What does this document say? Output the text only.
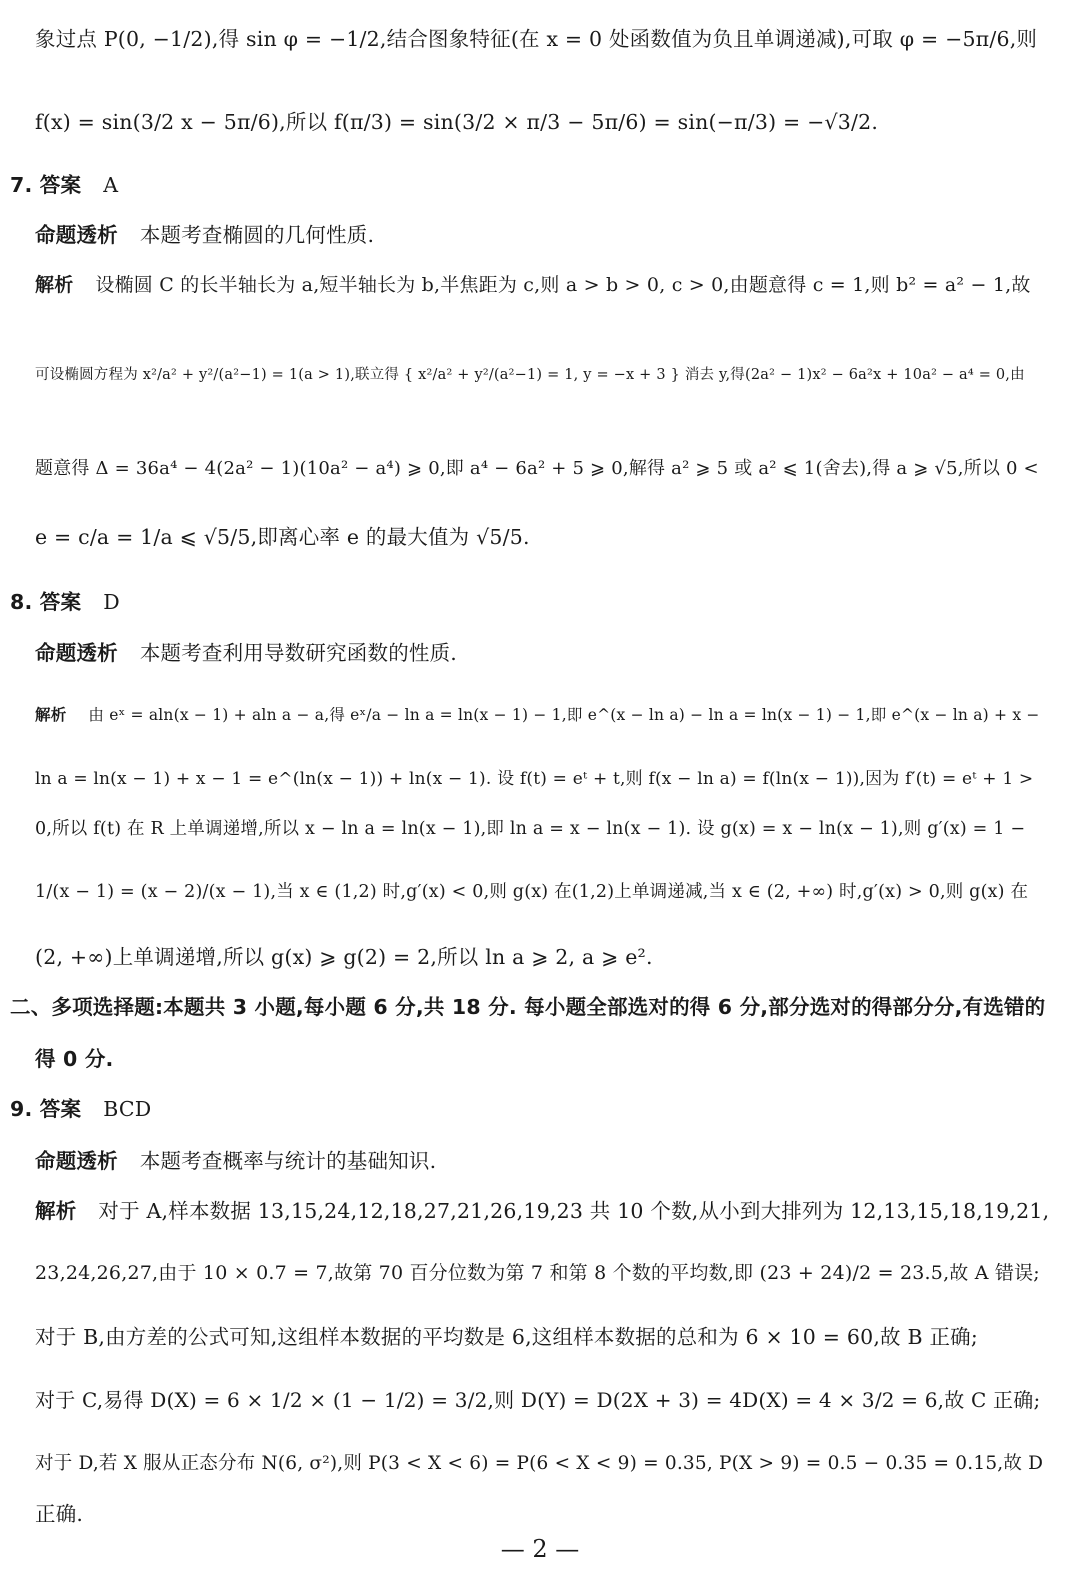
象过点 P(0, −1/2),得 sin φ = −1/2,结合图象特征(在 x = 0 处函数值为负且单调递减),可取 φ = −5π/6,则
f(x) = sin(3/2 x − 5π/6),所以 f(π/3) = sin(3/2 × π/3 − 5π/6) = sin(−π/3) = −√3/2.
7. 答案 A
命题透析 本题考查椭圆的几何性质.
解析 设椭圆 C 的长半轴长为 a,短半轴长为 b,半焦距为 c,则 a > b > 0, c > 0,由题意得 c = 1,则 b² = a² − 1,故
可设椭圆方程为 x²/a² + y²/(a²−1) = 1(a > 1),联立得 { x²/a² + y²/(a²−1) = 1, y = −x + 3 } 消去 y,得(2a² − 1)x² − 6a²x + 10a² − a⁴ = 0,由
题意得 Δ = 36a⁴ − 4(2a² − 1)(10a² − a⁴) ⩾ 0,即 a⁴ − 6a² + 5 ⩾ 0,解得 a² ⩾ 5 或 a² ⩽ 1(舍去),得 a ⩾ √5,所以 0 <
e = c/a = 1/a ⩽ √5/5,即离心率 e 的最大值为 √5/5.
8. 答案 D
命题透析 本题考查利用导数研究函数的性质.
解析 由 eˣ = aln(x − 1) + aln a − a,得 eˣ/a − ln a = ln(x − 1) − 1,即 e^(x − ln a) − ln a = ln(x − 1) − 1,即 e^(x − ln a) + x −
ln a = ln(x − 1) + x − 1 = e^(ln(x − 1)) + ln(x − 1). 设 f(t) = eᵗ + t,则 f(x − ln a) = f(ln(x − 1)),因为 f′(t) = eᵗ + 1 >
0,所以 f(t) 在 R 上单调递增,所以 x − ln a = ln(x − 1),即 ln a = x − ln(x − 1). 设 g(x) = x − ln(x − 1),则 g′(x) = 1 −
1/(x − 1) = (x − 2)/(x − 1),当 x ∈ (1,2) 时,g′(x) < 0,则 g(x) 在(1,2)上单调递减,当 x ∈ (2, +∞) 时,g′(x) > 0,则 g(x) 在
(2, +∞)上单调递增,所以 g(x) ⩾ g(2) = 2,所以 ln a ⩾ 2, a ⩾ e².
二、多项选择题:本题共 3 小题,每小题 6 分,共 18 分. 每小题全部选对的得 6 分,部分选对的得部分分,有选错的
得 0 分.
9. 答案 BCD
命题透析 本题考查概率与统计的基础知识.
解析 对于 A,样本数据 13,15,24,12,18,27,21,26,19,23 共 10 个数,从小到大排列为 12,13,15,18,19,21,
23,24,26,27,由于 10 × 0.7 = 7,故第 70 百分位数为第 7 和第 8 个数的平均数,即 (23 + 24)/2 = 23.5,故 A 错误;
对于 B,由方差的公式可知,这组样本数据的平均数是 6,这组样本数据的总和为 6 × 10 = 60,故 B 正确;
对于 C,易得 D(X) = 6 × 1/2 × (1 − 1/2) = 3/2,则 D(Y) = D(2X + 3) = 4D(X) = 4 × 3/2 = 6,故 C 正确;
对于 D,若 X 服从正态分布 N(6, σ²),则 P(3 < X < 6) = P(6 < X < 9) = 0.35, P(X > 9) = 0.5 − 0.35 = 0.15,故 D
正确.
— 2 —
